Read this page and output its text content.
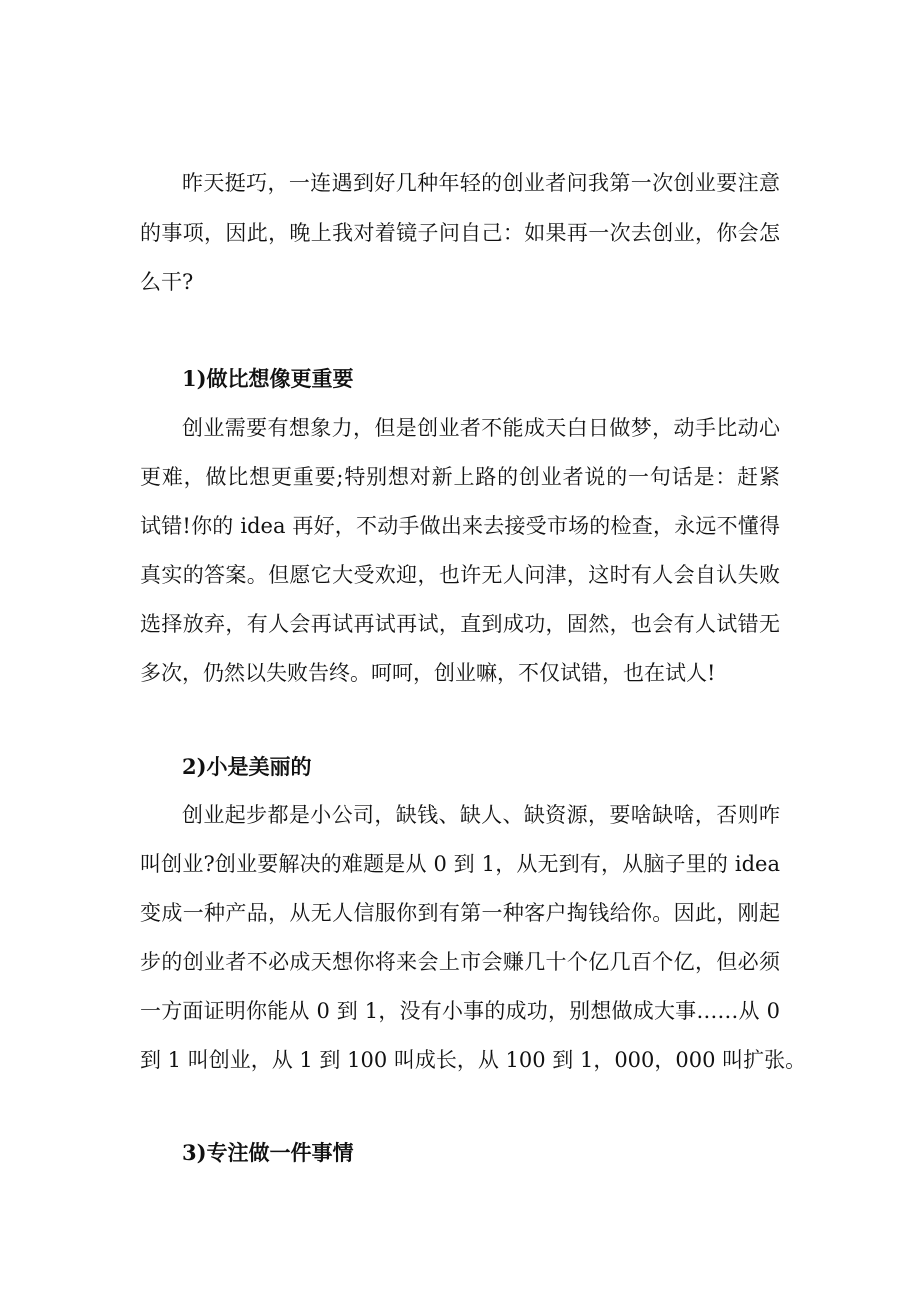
昨天挺巧，一连遇到好几种年轻的创业者问我第一次创业要注意
的事项，因此，晚上我对着镜子问自己：如果再一次去创业，你会怎
么干?
1)做比想像更重要
创业需要有想象力，但是创业者不能成天白日做梦，动手比动心
更难，做比想更重要;特别想对新上路的创业者说的一句话是：赶紧
试错!你的 idea 再好，不动手做出来去接受市场的检查，永远不懂得
真实的答案。但愿它大受欢迎，也许无人问津，这时有人会自认失败
选择放弃，有人会再试再试再试，直到成功，固然，也会有人试错无
多次，仍然以失败告终。呵呵，创业嘛，不仅试错，也在试人!
2)小是美丽的
创业起步都是小公司，缺钱、缺人、缺资源，要啥缺啥，否则咋
叫创业?创业要解决的难题是从 0 到 1，从无到有，从脑子里的 idea
变成一种产品，从无人信服你到有第一种客户掏钱给你。因此，刚起
步的创业者不必成天想你将来会上市会赚几十个亿几百个亿，但必须
一方面证明你能从 0 到 1，没有小事的成功，别想做成大事……从 0
到 1 叫创业，从 1 到 100 叫成长，从 100 到 1，000，000 叫扩张。
3)专注做一件事情
